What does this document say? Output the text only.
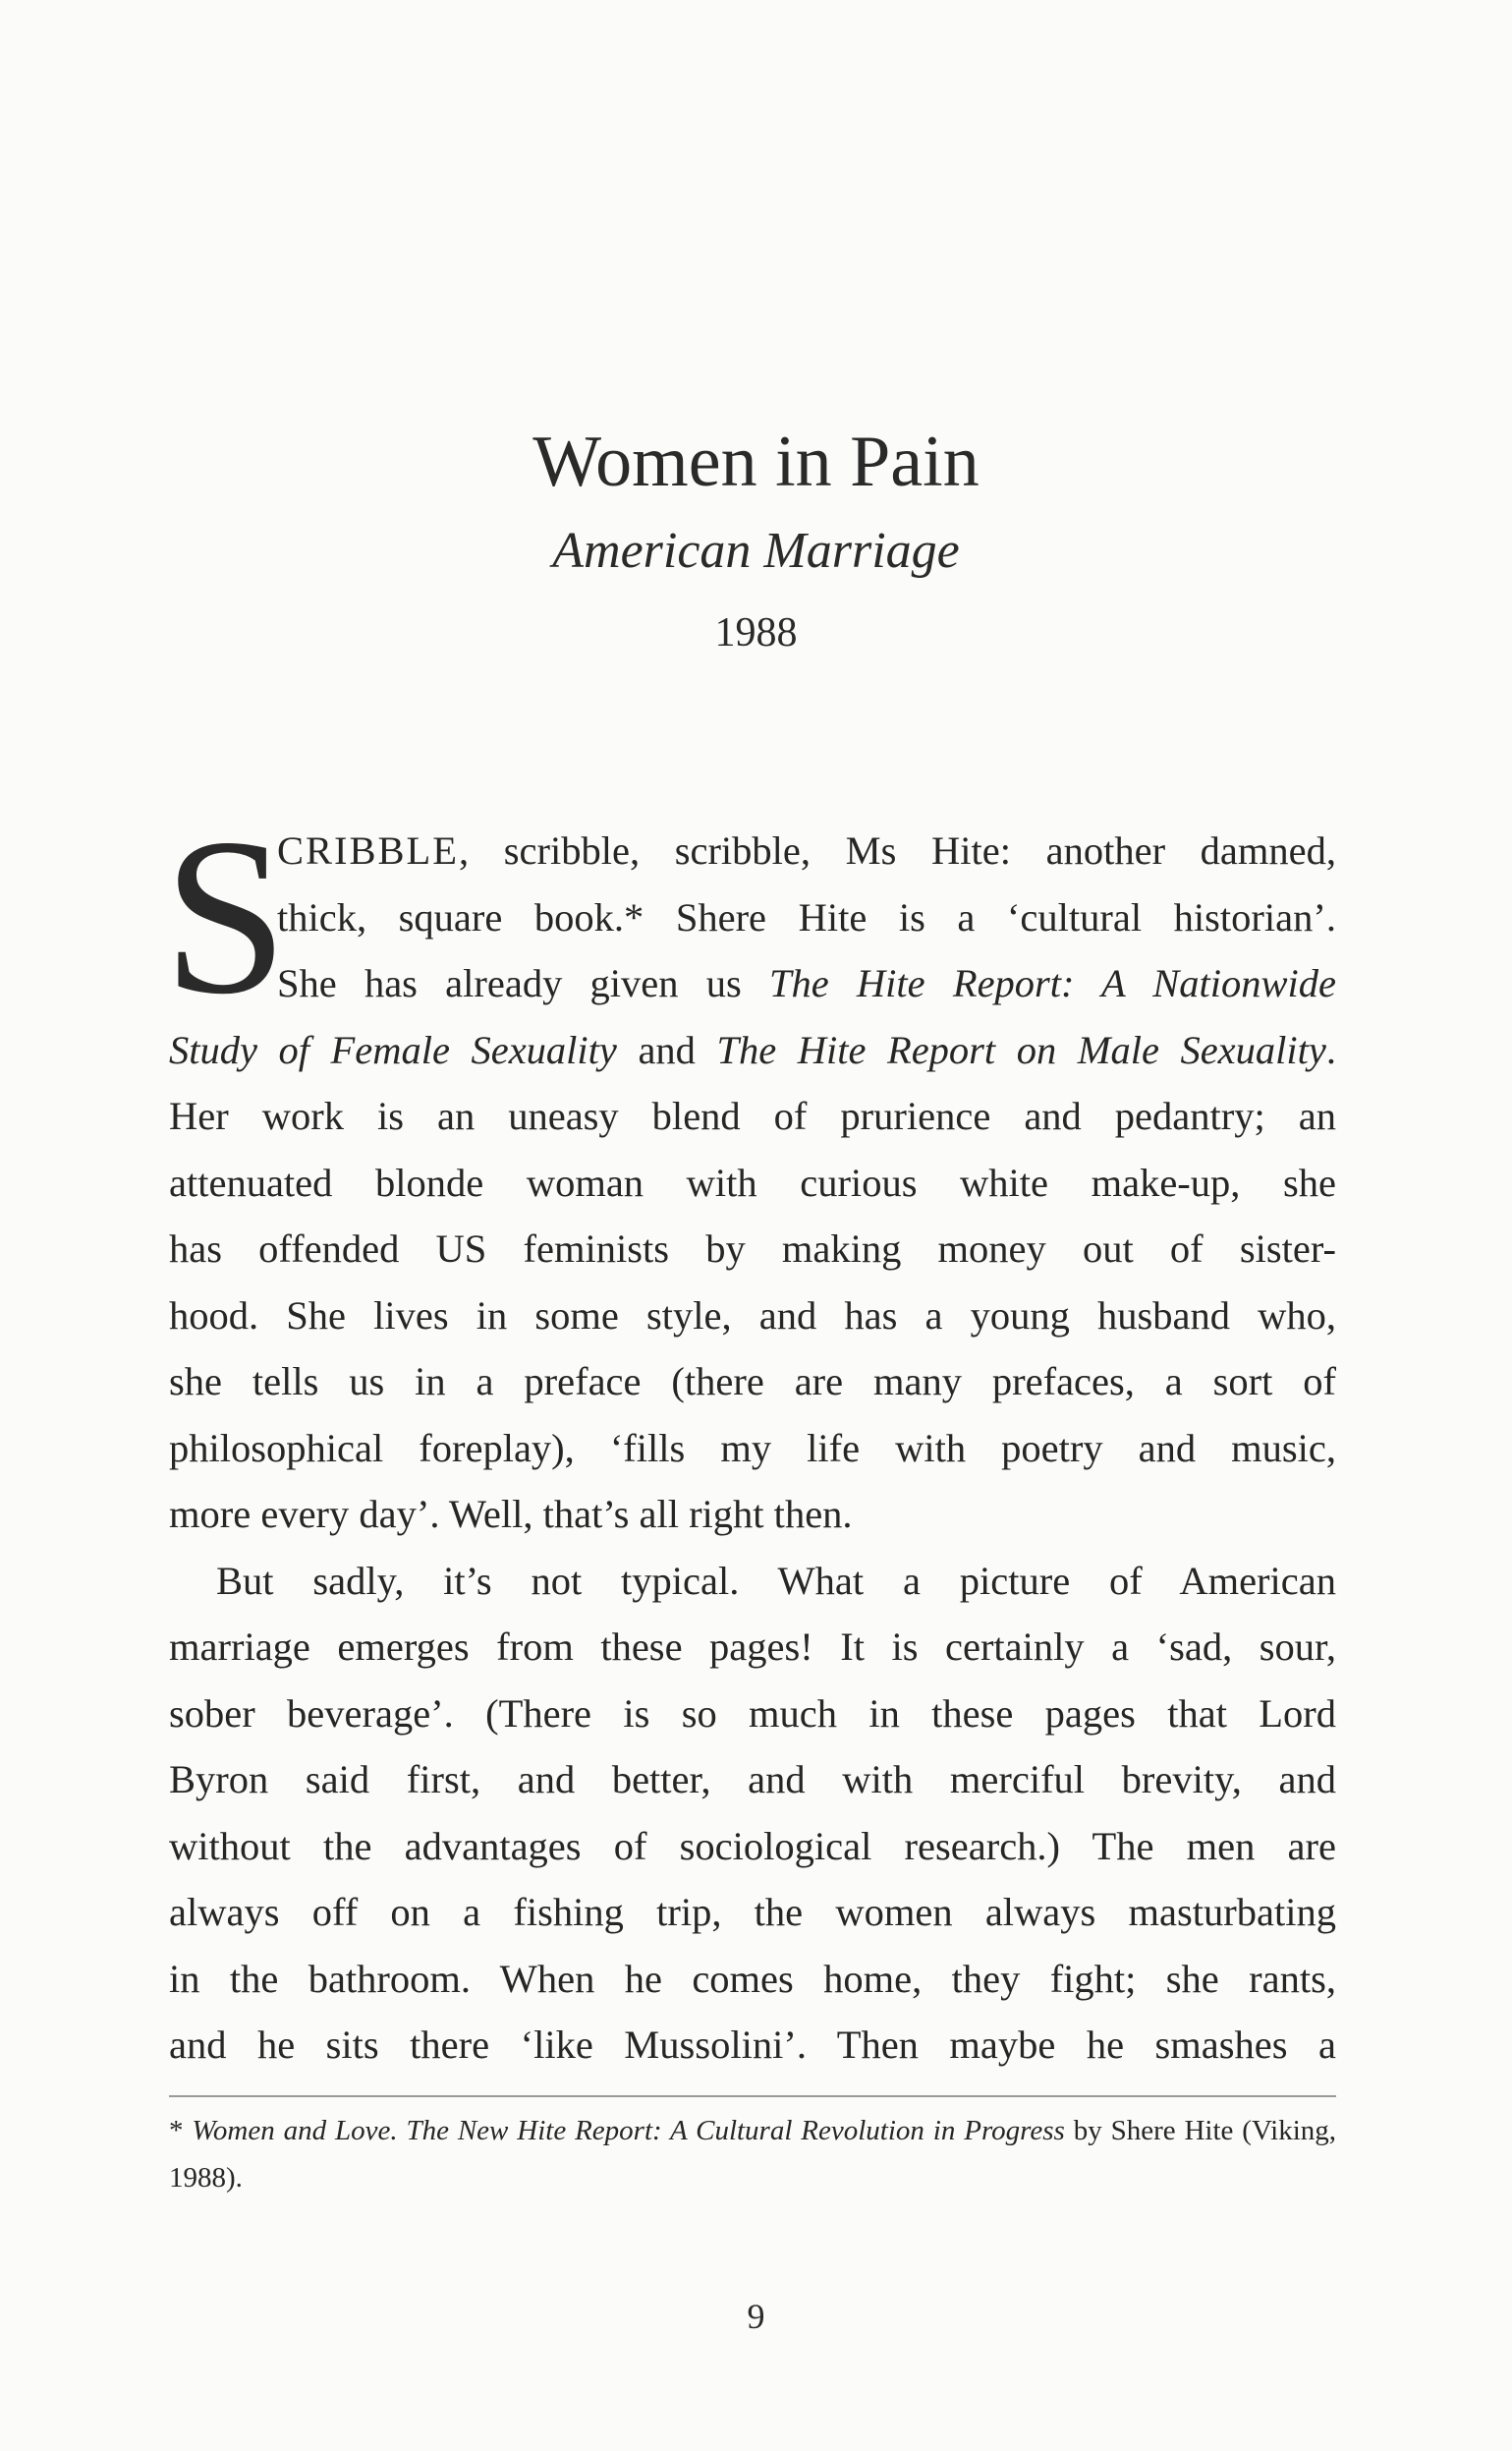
Women in Pain
American Marriage
1988
S
CRIBBLE, scribble, scribble, Ms Hite: another damned,
thick, square book.* Shere Hite is a ‘cultural historian’.
She has already given us The Hite Report: A Nationwide
Study of Female Sexuality and The Hite Report on Male Sexuality.
Her work is an uneasy blend of prurience and pedantry; an
attenuated blonde woman with curious white make-up, she
has offended US feminists by making money out of sister-
hood. She lives in some style, and has a young husband who,
she tells us in a preface (there are many prefaces, a sort of
philosophical foreplay), ‘fills my life with poetry and music,
more every day’. Well, that’s all right then.
But sadly, it’s not typical. What a picture of American
marriage emerges from these pages! It is certainly a ‘sad, sour,
sober beverage’. (There is so much in these pages that Lord
Byron said first, and better, and with merciful brevity, and
without the advantages of sociological research.) The men are
always off on a fishing trip, the women always masturbating
in the bathroom. When he comes home, they fight; she rants,
and he sits there ‘like Mussolini’. Then maybe he smashes a
* Women and Love. The New Hite Report: A Cultural Revolution in Progress by Shere Hite (Viking,
1988).
9
